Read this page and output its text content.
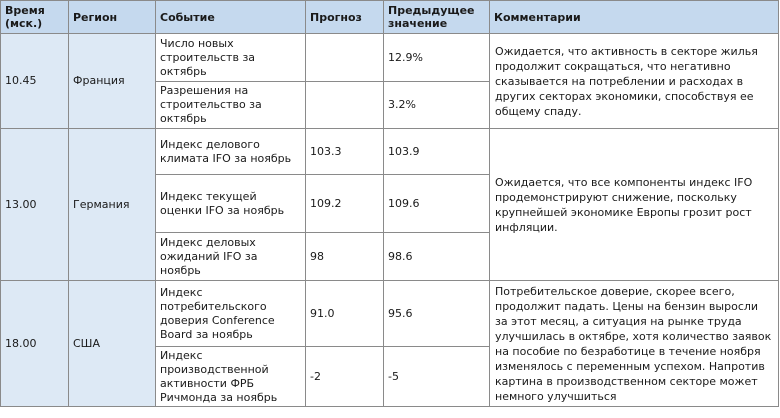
Время (мск.)	Регион	Событие	Прогноз	Предыдущее значение	Комментарии
10.45	Франция	Число новых строительств за октябрь		12.9%	Ожидается, что активность в секторе жилья продолжит сокращаться, что негативно сказывается на потреблении и расходах в других секторах экономики, способствуя ее общему спаду.
		Разрешения на строительство за октябрь		3.2%	
13.00	Германия	Индекс делового климата IFO за ноябрь	103.3	103.9	Ожидается, что все компоненты индекс IFO продемонстрируют снижение, поскольку крупнейшей экономике Европы грозит рост инфляции.
		Индекс текущей оценки IFO за ноябрь	109.2	109.6	
		Индекс деловых ожиданий IFO за ноябрь	98	98.6	
18.00	США	Индекс потребительского доверия Conference Board за ноябрь	91.0	95.6	Потребительское доверие, скорее всего, продолжит падать. Цены на бензин выросли за этот месяц, а ситуация на рынке труда улучшилась в октябре, хотя количество заявок на пособие по безработице в течение ноября изменялось с переменным успехом. Напротив картина в производственном секторе может немного улучшиться
		Индекс производственной активности ФРБ Ричмонда за ноябрь	-2	-5	
